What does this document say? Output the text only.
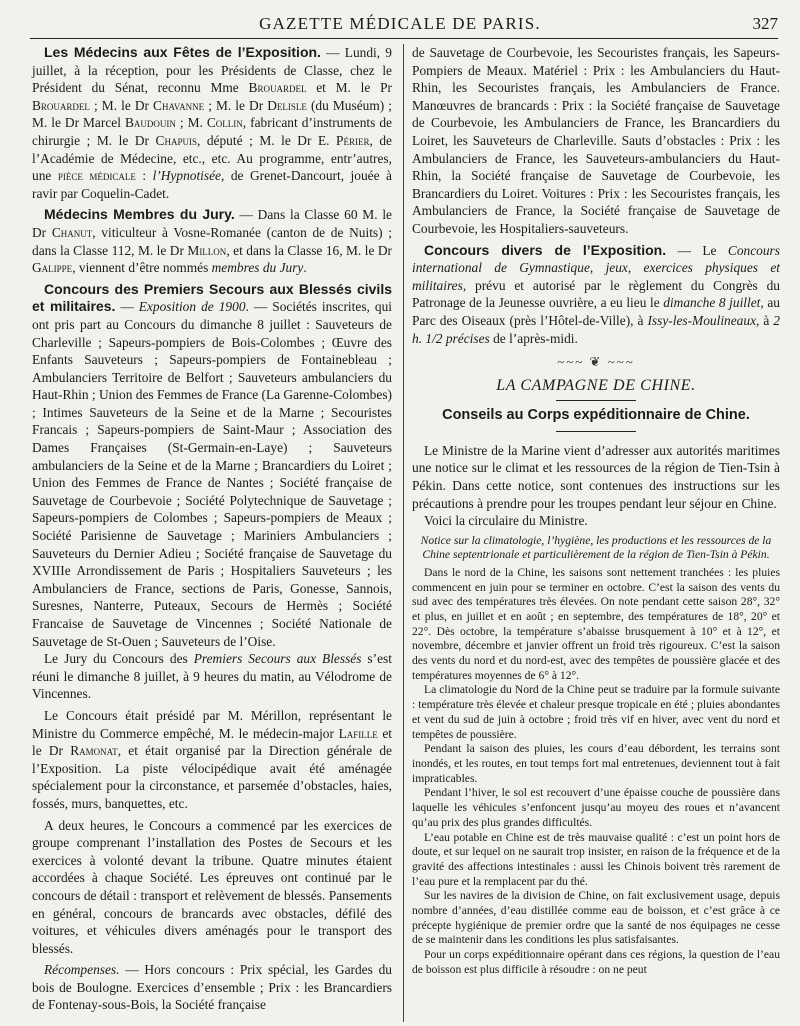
GAZETTE MÉDICALE DE PARIS.	327

Les Médecins aux Fêtes de l’Exposition. — Lundi, 9 juillet, à la réception, pour les Présidents de Classe, chez le Président du Sénat, reconnu Mme Brouardel et M. le Pr Brouardel ; M. le Dr Chavanne ; M. le Dr Delisle (du Muséum) ; M. le Dr Marcel Baudouin ; M. Collin, fabricant d’instruments de chirurgie ; M. le Dr Chapuis, député ; M. le Dr E. Périer, de l’Académie de Médecine, etc., etc. Au programme, entr’autres, une pièce médicale : l’Hypnotisée, de Grenet-Dancourt, jouée à ravir par Coquelin-Cadet.

Médecins Membres du Jury. — Dans la Classe 60 M. le Dr Chanut, viticulteur à Vosne-Romanée (canton de de Nuits) ; dans la Classe 112, M. le Dr Millon, et dans la Classe 16, M. le Dr Galippe, viennent d’être nommés membres du Jury.

Concours des Premiers Secours aux Blessés civils et militaires. — Exposition de 1900. — Sociétés inscrites, qui ont pris part au Concours du dimanche 8 juillet : Sauveteurs de Charleville ; Sapeurs-pompiers de Bois-Colombes ; Œuvre des Enfants Sauveteurs ; Sapeurs-pompiers de Fontainebleau ; Ambulanciers Territoire de Belfort ; Sauveteurs ambulanciers du Haut-Rhin ; Union des Femmes de France (La Garenne-Colombes) ; Intimes Sauveteurs de la Seine et de la Marne ; Secouristes Francais ; Sapeurs-pompiers de Saint-Maur ; Association des Dames Françaises (St-Germain-en-Laye) ; Sauveteurs ambulanciers de la Seine et de la Marne ; Brancardiers du Loiret ; Union des Femmes de France de Nantes ; Société française de Sauvetage de Courbevoie ; Société Polytechnique de Sauvetage ; Sapeurs-pompiers de Colombes ; Sapeurs-pompiers de Meaux ; Société Parisienne de Sauvetage ; Mariniers Ambulanciers ; Sauveteurs du Dernier Adieu ; Société française de Sauvetage du XVIIIe Arrondissement de Paris ; Hospitaliers Sauveteurs ; les Ambulanciers de France, sections de Paris, Gonesse, Sannois, Suresnes, Nanterre, Puteaux, Secours de Hermès ; Société Francaise de Sauvetage de Vincennes ; Société Nationale de Sauvetage de St-Ouen ; Sauveteurs de l’Oise.

Le Jury du Concours des Premiers Secours aux Blessés s’est réuni le dimanche 8 juillet, à 9 heures du matin, au Vélodrome de Vincennes.

Le Concours était présidé par M. Mérillon, représentant le Ministre du Commerce empêché, M. le médecin-major Lafille et le Dr Ramonat, et était organisé par la Direction générale de l’Exposition. La piste vélocipédique avait été aménagée spécialement pour la circonstance, et parsemée d’obstacles, haies, fossés, murs, banquettes, etc.

A deux heures, le Concours a commencé par les exercices de groupe comprenant l’installation des Postes de Secours et les exercices à volonté devant la tribune. Quatre minutes étaient accordées à chaque Société. Les épreuves ont continué par le concours de détail : transport et relèvement de blessés. Pansements en général, concours de brancards avec obstacles, défilé des voitures, et véhicules divers aménagés pour le transport des blessés.

Récompenses. — Hors concours : Prix spécial, les Gardes du bois de Boulogne. Exercices d’ensemble ; Prix : les Brancardiers de Fontenay-sous-Bois, la Société française

de Sauvetage de Courbevoie, les Secouristes français, les Sapeurs-Pompiers de Meaux. Matériel : Prix : les Ambulanciers du Haut-Rhin, les Secouristes français, les Ambulanciers de France. Manœuvres de brancards : Prix : la Société française de Sauvetage de Courbevoie, les Ambulanciers de France, les Brancardiers du Loiret, les Sauveteurs de Charleville. Sauts d’obstacles : Prix : les Ambulanciers de France, les Sauveteurs-ambulanciers du Haut-Rhin, la Société française de Sauvetage de Courbevoie, les Brancardiers du Loiret. Voitures : Prix : les Secouristes français, les Ambulanciers de France, la Société française de Sauvetage de Courbevoie, les Hospitaliers-sauveteurs.

Concours divers de l’Exposition. — Le Concours international de Gymnastique, jeux, exercices physiques et militaires, prévu et autorisé par le règlement du Congrès du Patronage de la Jeunesse ouvrière, a eu lieu le dimanche 8 juillet, au Parc des Oiseaux (près l’Hôtel-de-Ville), à Issy-les-Moulineaux, à 2 h. 1/2 précises de l’après-midi.

~~~ ❦ ~~~
LA CAMPAGNE DE CHINE.
Conseils au Corps expéditionnaire de Chine.

Le Ministre de la Marine vient d’adresser aux autorités maritimes une notice sur le climat et les ressources de la région de Tien-Tsin à Pékin. Dans cette notice, sont contenues des instructions sur les précautions à prendre pour les troupes pendant leur séjour en Chine.

Voici la circulaire du Ministre.

Notice sur la climatologie, l’hygiène, les productions et les ressources de la Chine septentrionale et particulièrement de la région de Tien-Tsin à Pékin.

Dans le nord de la Chine, les saisons sont nettement tranchées : les pluies commencent en juin pour se terminer en octobre. C’est la saison des vents du sud avec des températures très élevées. On note pendant cette saison 28°, 32° et plus, en juillet et en août ; en septembre, des températures de 18°, 20° et 22°. Dès octobre, la température s’abaisse brusquement à 10° et à 12°, et novembre, décembre et janvier offrent un froid très rigoureux. C’est la saison des vents du nord et du nord-est, avec des tempêtes de poussière glacée et des températures moyennes de 6° à 12°.

La climatologie du Nord de la Chine peut se traduire par la formule suivante : température très élevée et chaleur presque tropicale en été ; pluies abondantes et vent du sud de juin à octobre ; froid très vif en hiver, avec vent du nord et tempêtes de poussière.

Pendant la saison des pluies, les cours d’eau débordent, les terrains sont inondés, et les routes, en tout temps fort mal entretenues, deviennent tout à fait impraticables.

Pendant l’hiver, le sol est recouvert d’une épaisse couche de poussière dans laquelle les véhicules s’enfoncent jusqu’au moyeu des roues et n’avancent qu’au prix des plus grandes difficultés.

L’eau potable en Chine est de très mauvaise qualité : c’est un point hors de doute, et sur lequel on ne saurait trop insister, en raison de la fréquence et de la gravité des affections intestinales : aussi les Chinois boivent très rarement de l’eau pure et la remplacent par du thé.

Sur les navires de la division de Chine, on fait exclusivement usage, depuis nombre d’années, d’eau distillée comme eau de boisson, et c’est grâce à ce précepte hygiénique de premier ordre que la santé de nos équipages ne cesse de se maintenir dans les conditions les plus satisfaisantes.

Pour un corps expéditionnaire opérant dans ces régions, la question de l’eau de boisson est plus difficile à résoudre : on ne peut
